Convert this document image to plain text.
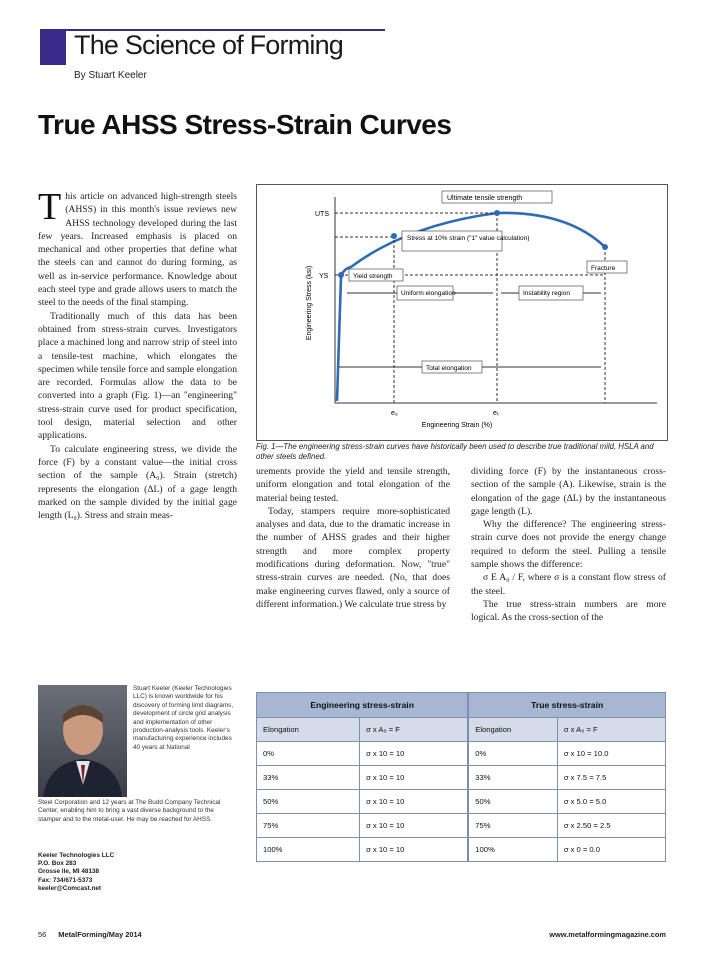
The Science of Forming
By Stuart Keeler
True AHSS Stress-Strain Curves

This article on advanced high-strength steels (AHSS) in this month's issue reviews new AHSS technology developed during the last few years. Increased emphasis is placed on mechanical and other properties that define what the steels can and cannot do during forming, as well as in-service performance. Knowledge about each steel type and grade allows users to match the steel to the needs of the final stamping.

Traditionally much of this data has been obtained from stress-strain curves. Investigators place a machined long and narrow strip of steel into a tensile-test machine, which elongates the specimen while tensile force and sample elongation are recorded. Formulas allow the data to be converted into a graph (Fig. 1)—an "engineering" stress-strain curve used for product specification, tool design, material selection and other applications.

To calculate engineering stress, we divide the force (F) by a constant value—the initial cross section of the sample (A₀). Strain (stretch) represents the elongation (ΔL) of a gage length marked on the sample divided by the initial gage length (L₀). Stress and strain meas-

Ultimate tensile strength
Stress at 10% strain ("1" value calculation)
Yield strength
Fracture
Uniform elongation	Instability region
Total elongation
UTS
YS
eᵤ	eₜ
Engineering Strain (%)
Engineering Stress (ksi)
Fig. 1—The engineering stress-strain curves have historically been used to describe true traditional mild, HSLA and other steels defined.

urements provide the yield and tensile strength, uniform elongation and total elongation of the material being tested.

Today, stampers require more-sophisticated analyses and data, due to the dramatic increase in the number of AHSS grades and their higher strength and more complex property modifications during deformation. Now, "true" stress-strain curves are needed. (No, that does make engineering curves flawed, only a source of different information.) We calculate true stress by

dividing force (F) by the instantaneous cross-section of the sample (A). Likewise, strain is the elongation of the gage (ΔL) by the instantaneous gage length (L).

Why the difference? The engineering stress-strain curve does not provide the energy change required to deform the steel. Pulling a tensile sample shows the difference:

σ E A₀ / F, where σ is a constant flow stress of the steel.

The true stress-strain numbers are more logical. As the cross-section of the

Stuart Keeler (Keeler Technologies LLC) is known worldwide for his discovery of forming limit diagrams, development of circle grid analysis and implementation of other production-analysis tools. Keeler's manufacturing experience includes 40 years at National
Steel Corporation and 12 years at The Budd Company Technical Center, enabling him to bring a vast diverse background to the stamper and to the metal-user. He may be reached for AHSS.
Keeler Technologies LLC
P.O. Box 283
Grosse Ile, MI 48138
Fax: 734/671-5373
keeler@Comcast.net
Engineering stress-strain		True stress-strain	
Elongation	σ x A₀ = F		Elongation	σ x A₀ = F
0%	σ x 10 = 10		0%	σ x 10 = 10.0
33%	σ x 10 = 10		33%	σ x 7.5 = 7.5
50%	σ x 10 = 10		50%	σ x 5.0 = 5.0
75%	σ x 10 = 10		75%	σ x 2.50 = 2.5
100%	σ x 10 = 10		100%	σ x 0 = 0.0
56 MetalForming/May 2014	www.metalformingmagazine.com
